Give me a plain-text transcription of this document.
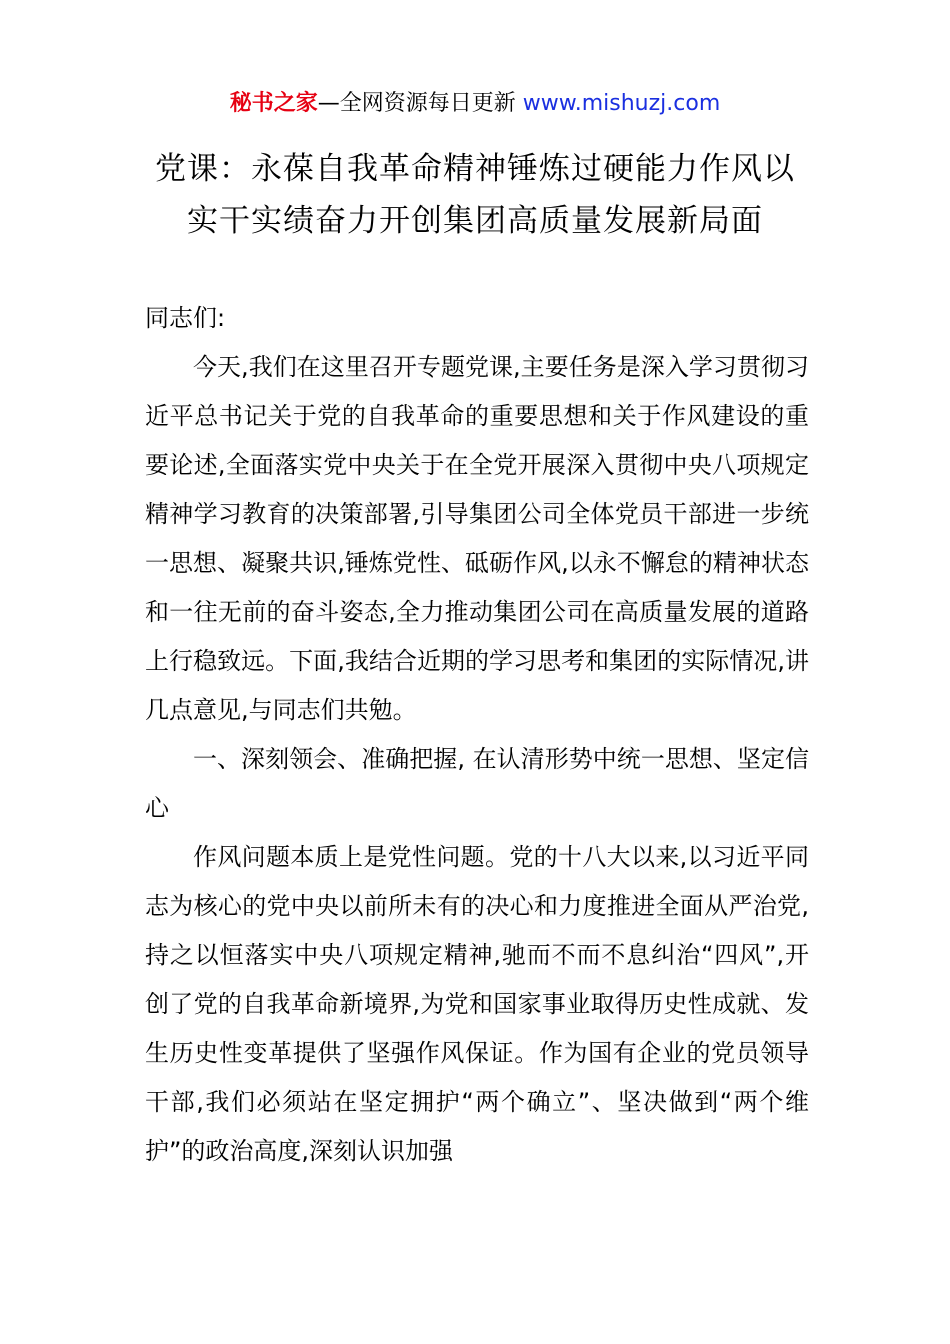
秘书之家—全网资源每日更新 www.mishuzj.com
党课：永葆自我革命精神锤炼过硬能力作风以
实干实绩奋力开创集团高质量发展新局面

同志们:

今天,我们在这里召开专题党课,主要任务是深入学习贯彻习近平总书记关于党的自我革命的重要思想和关于作风建设的重要论述,全面落实党中央关于在全党开展深入贯彻中央八项规定精神学习教育的决策部署,引导集团公司全体党员干部进一步统一思想、凝聚共识,锤炼党性、砥砺作风,以永不懈怠的精神状态和一往无前的奋斗姿态,全力推动集团公司在高质量发展的道路上行稳致远。下面,我结合近期的学习思考和集团的实际情况,讲几点意见,与同志们共勉。

一、深刻领会、准确把握, 在认清形势中统一思想、坚定信心

作风问题本质上是党性问题。党的十八大以来,以习近平同志为核心的党中央以前所未有的决心和力度推进全面从严治党,持之以恒落实中央八项规定精神,驰而不而不息纠治“四风”,开创了党的自我革命新境界,为党和国家事业取得历史性成就、发生历史性变革提供了坚强作风保证。作为国有企业的党员领导干部,我们必须站在坚定拥护“两个确立”、坚决做到“两个维护”的政治高度,深刻认识加强
